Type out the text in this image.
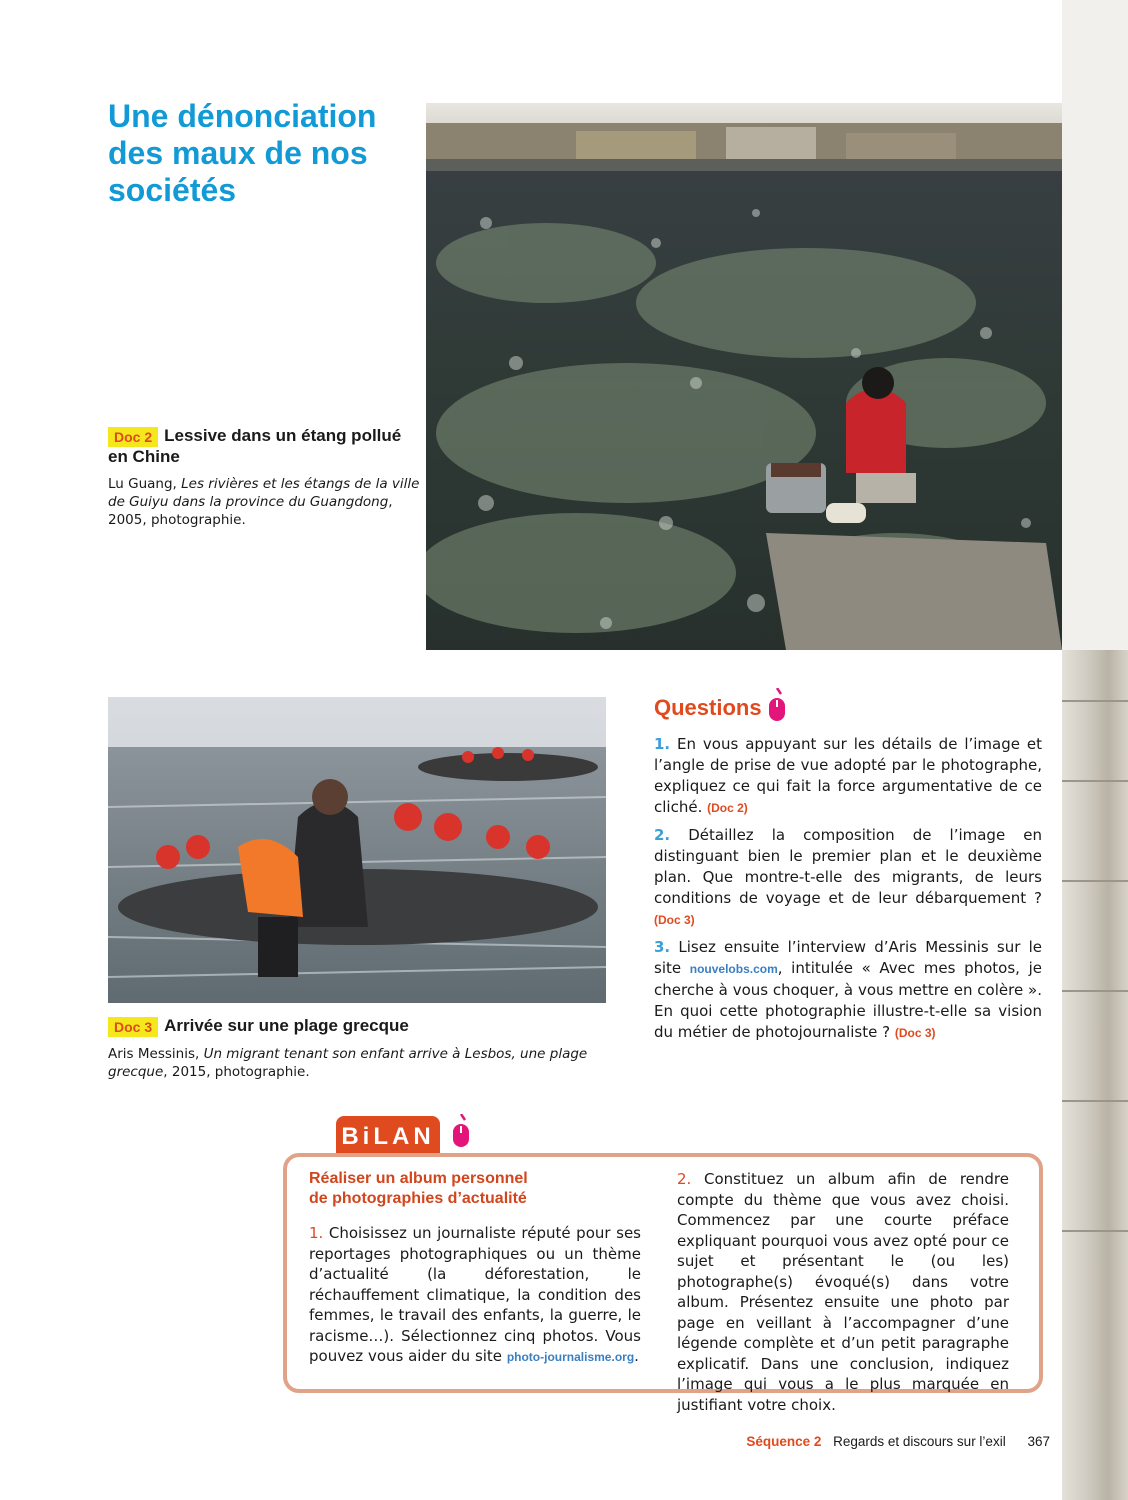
Une dénonciation des maux de nos sociétés
Doc 2 Lessive dans un étang pollué en Chine
Lu Guang, Les rivières et les étangs de la ville de Guiyu dans la province du Guangdong, 2005, photographie.
Doc 3 Arrivée sur une plage grecque
Aris Messinis, Un migrant tenant son enfant arrive à Lesbos, une plage grecque, 2015, photographie.
Questions
1. En vous appuyant sur les détails de l’image et l’angle de prise de vue adopté par le photographe, expliquez ce qui fait la force argumentative de ce cliché. (Doc 2)
2. Détaillez la composition de l’image en distinguant bien le premier plan et le deuxième plan. Que montre-t-elle des migrants, de leurs conditions de voyage et de leur débarquement ? (Doc 3)
3. Lisez ensuite l’interview d’Aris Messinis sur le site nouvelobs.com, intitulée « Avec mes photos, je cherche à vous choquer, à vous mettre en colère ». En quoi cette photographie illustre-t-elle sa vision du métier de photojournaliste ? (Doc 3)
BiLAN
Réaliser un album personnel
de photographies d’actualité
1. Choisissez un journaliste réputé pour ses reportages photographiques ou un thème d’actualité (la déforestation, le réchauffement climatique, la condition des femmes, le travail des enfants, la guerre, le racisme…). Sélectionnez cinq photos. Vous pouvez vous aider du site photo-journalisme.org.
2. Constituez un album afin de rendre compte du thème que vous avez choisi. Commencez par une courte préface expliquant pourquoi vous avez opté pour ce sujet et présentant le (ou les) photographe(s) évoqué(s) dans votre album. Présentez ensuite une photo par page en veillant à l’accompagner d’une légende complète et d’un petit paragraphe explicatif. Dans une conclusion, indiquez l’image qui vous a le plus marquée en justifiant votre choix.
Séquence 2 Regards et discours sur l’exil 367
